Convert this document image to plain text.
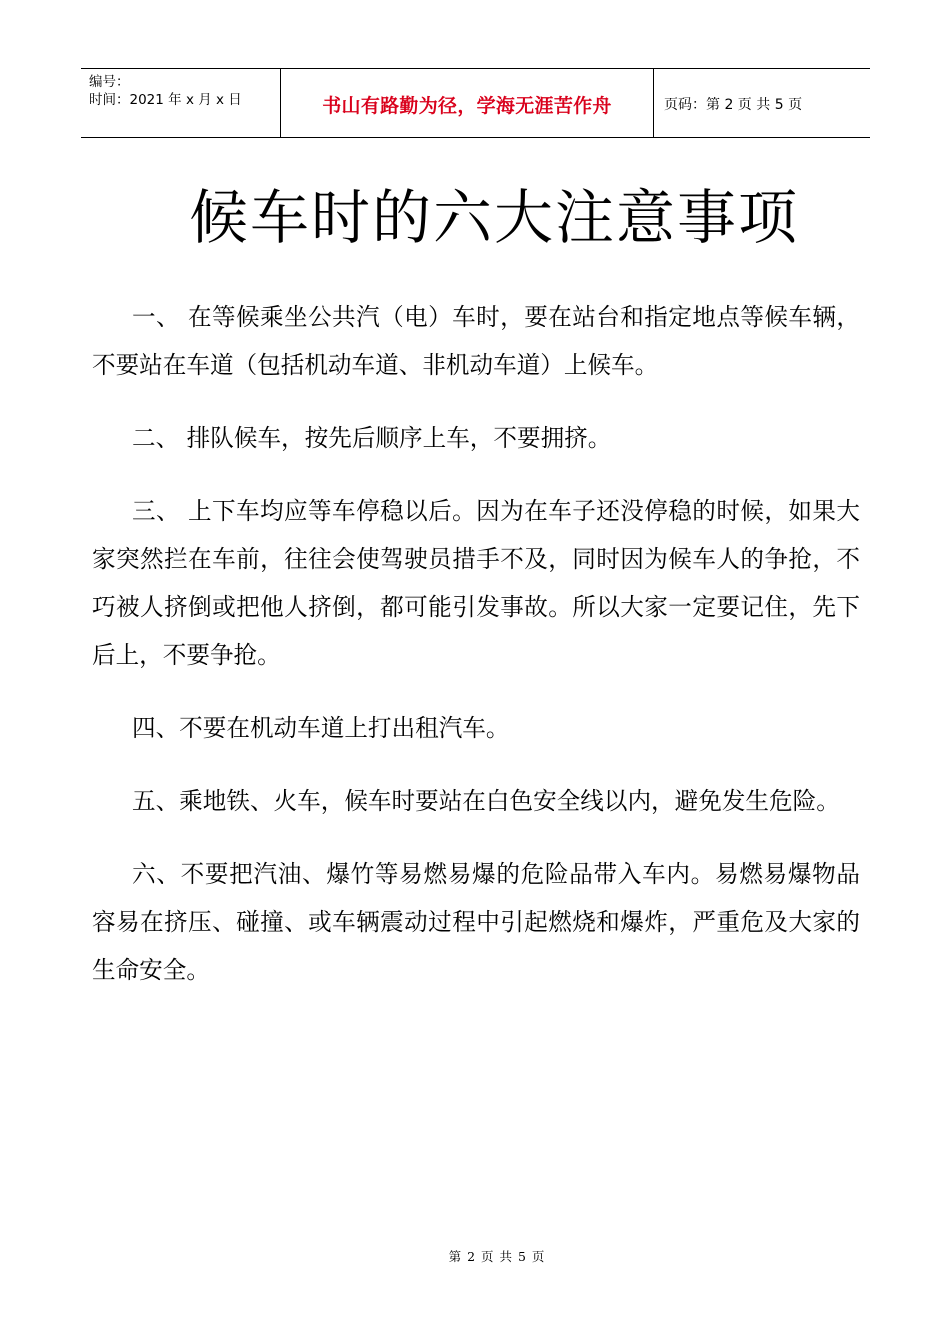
编号：
时间：2021 年 x 月 x 日	书山有路勤为径，学海无涯苦作舟	页码：第 2 页 共 5 页
候车时的六大注意事项

一、 在等候乘坐公共汽（电）车时，要在站台和指定地点等候车辆，不要站在车道（包括机动车道、非机动车道）上候车。

二、 排队候车，按先后顺序上车，不要拥挤。

三、 上下车均应等车停稳以后。因为在车子还没停稳的时候，如果大家突然拦在车前，往往会使驾驶员措手不及，同时因为候车人的争抢，不巧被人挤倒或把他人挤倒，都可能引发事故。所以大家一定要记住，先下后上，不要争抢。

四、不要在机动车道上打出租汽车。

五、乘地铁、火车，候车时要站在白色安全线以内，避免发生危险。

六、不要把汽油、爆竹等易燃易爆的危险品带入车内。易燃易爆物品容易在挤压、碰撞、或车辆震动过程中引起燃烧和爆炸，严重危及大家的生命安全。

第 2 页 共 5 页
